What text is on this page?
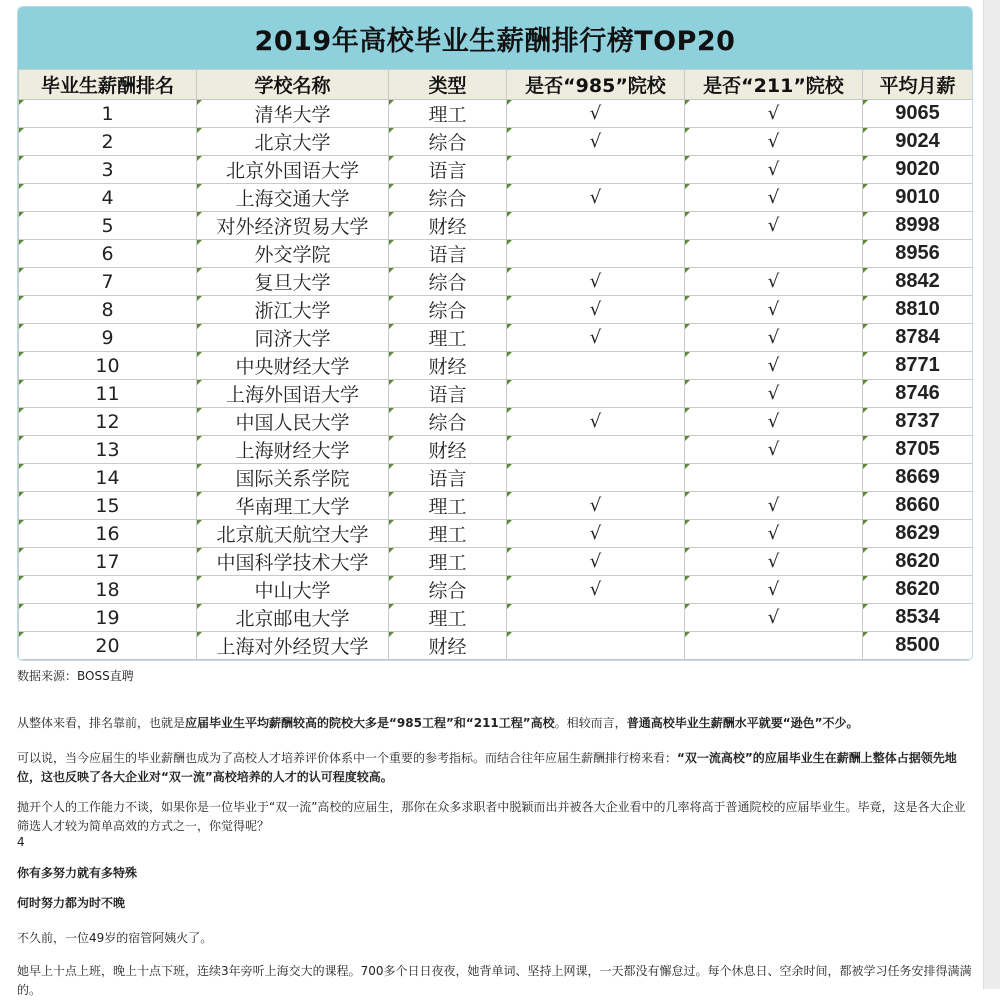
2019年高校毕业生薪酬排行榜TOP20
毕业生薪酬排名	学校名称	类型	是否“985”院校	是否“211”院校	平均月薪
1	清华大学	理工	√	√	9065
2	北京大学	综合	√	√	9024
3	北京外国语大学	语言		√	9020
4	上海交通大学	综合	√	√	9010
5	对外经济贸易大学	财经		√	8998
6	外交学院	语言			8956
7	复旦大学	综合	√	√	8842
8	浙江大学	综合	√	√	8810
9	同济大学	理工	√	√	8784
10	中央财经大学	财经		√	8771
11	上海外国语大学	语言		√	8746
12	中国人民大学	综合	√	√	8737
13	上海财经大学	财经		√	8705
14	国际关系学院	语言			8669
15	华南理工大学	理工	√	√	8660
16	北京航天航空大学	理工	√	√	8629
17	中国科学技术大学	理工	√	√	8620
18	中山大学	综合	√	√	8620
19	北京邮电大学	理工		√	8534
20	上海对外经贸大学	财经			8500
数据来源：BOSS直聘

从整体来看，排名靠前，也就是应届毕业生平均薪酬较高的院校大多是“985工程”和“211工程”高校。相较而言，普通高校毕业生薪酬水平就要“逊色”不少。

可以说，当今应届生的毕业薪酬也成为了高校人才培养评价体系中一个重要的参考指标。而结合往年应届生薪酬排行榜来看：“双一流高校”的应届毕业生在薪酬上整体占据领先地位，这也反映了各大企业对“双一流”高校培养的人才的认可程度较高。

抛开个人的工作能力不谈，如果你是一位毕业于“双一流”高校的应届生，那你在众多求职者中脱颖而出并被各大企业看中的几率将高于普通院校的应届毕业生。毕竟，这是各大企业筛选人才较为简单高效的方式之一，你觉得呢？

4
你有多努力就有多特殊
何时努力都为时不晚
不久前，一位49岁的宿管阿姨火了。
她早上十点上班，晚上十点下班，连续3年旁听上海交大的课程。700多个日日夜夜，她背单词、坚持上网课，一天都没有懈怠过。每个休息日、空余时间，都被学习任务安排得满满的。
